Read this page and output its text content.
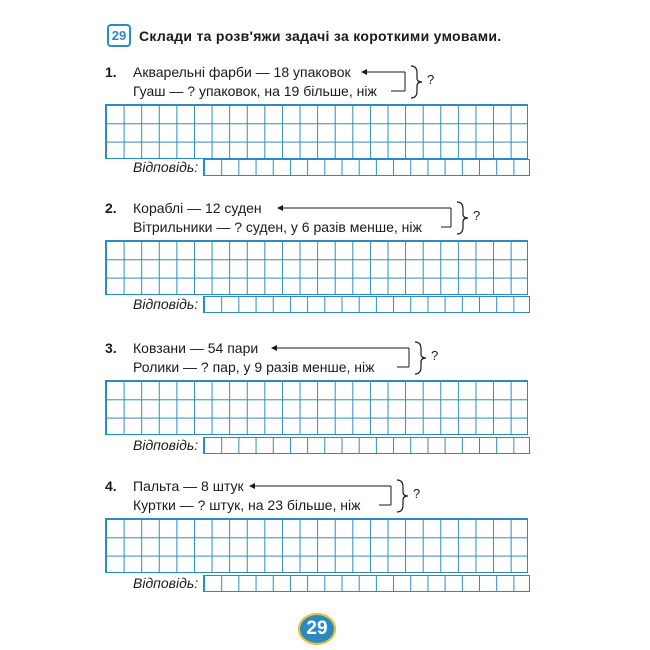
29 Склади та розв'яжи задачі за короткими умовами.
1. Акварельні фарби — 18 упаковок
Гуаш — ? упаковок, на 19 більше, ніж
?
Відповідь:
2. Кораблі — 12 суден
Вітрильники — ? суден, у 6 разів менше, ніж
?
Відповідь:
3. Ковзани — 54 пари
Ролики — ? пар, у 9 разів менше, ніж
?
Відповідь:
4. Пальта — 8 штук
Куртки — ? штук, на 23 більше, ніж
?
Відповідь:
29
